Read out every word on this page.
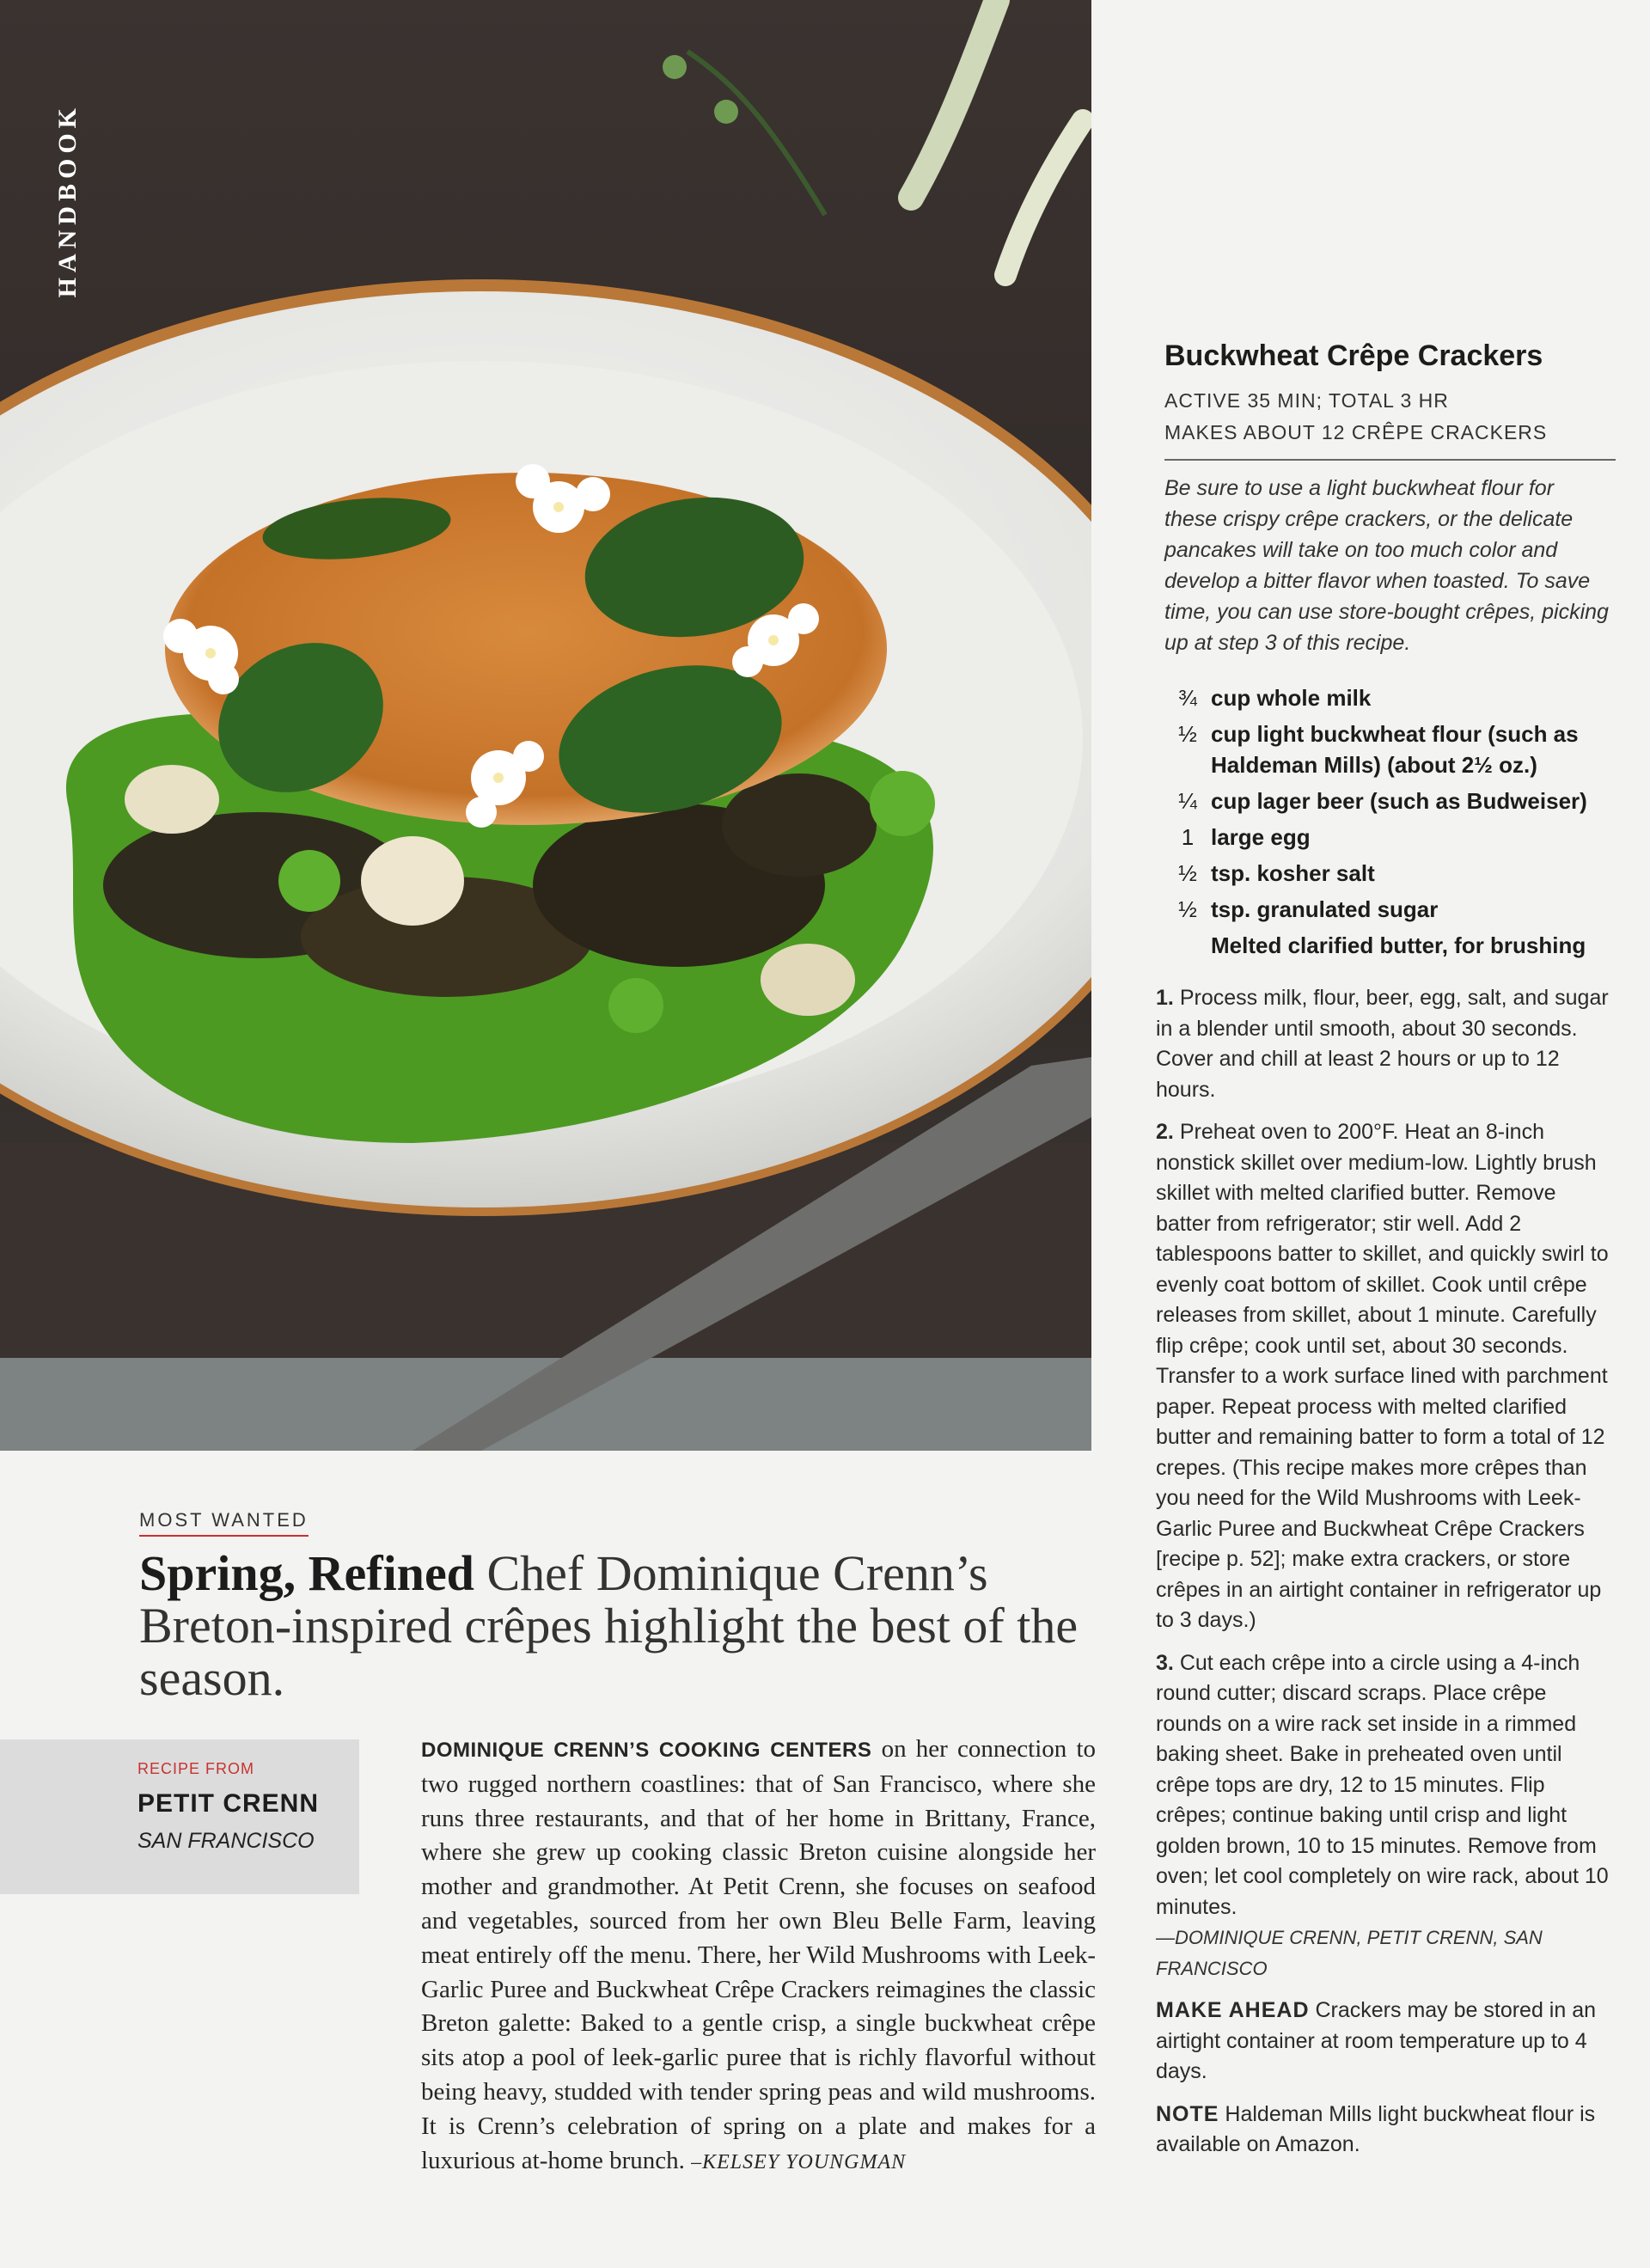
HANDBOOK
Buckwheat Crêpe Crackers
ACTIVE 35 MIN; TOTAL 3 HR
MAKES ABOUT 12 CRÊPE CRACKERS
Be sure to use a light buckwheat flour for these crispy crêpe crackers, or the delicate pancakes will take on too much color and develop a bitter flavor when toasted. To save time, you can use store-bought crêpes, picking up at step 3 of this recipe.
¾ cup whole milk
½ cup light buckwheat flour (such as Haldeman Mills) (about 2½ oz.)
¼ cup lager beer (such as Budweiser)
1 large egg
½ tsp. kosher salt
½ tsp. granulated sugar
Melted clarified butter, for brushing
1. Process milk, flour, beer, egg, salt, and sugar in a blender until smooth, about 30 seconds. Cover and chill at least 2 hours or up to 12 hours.
2. Preheat oven to 200°F. Heat an 8-inch nonstick skillet over medium-low. Lightly brush skillet with melted clarified butter. Remove batter from refrigerator; stir well. Add 2 tablespoons batter to skillet, and quickly swirl to evenly coat bottom of skillet. Cook until crêpe releases from skillet, about 1 minute. Carefully flip crêpe; cook until set, about 30 seconds. Transfer to a work surface lined with parchment paper. Repeat process with melted clarified butter and remaining batter to form a total of 12 crepes. (This recipe makes more crêpes than you need for the Wild Mushrooms with Leek-Garlic Puree and Buckwheat Crêpe Crackers [recipe p. 52]; make extra crackers, or store crêpes in an airtight container in refrigerator up to 3 days.)
3. Cut each crêpe into a circle using a 4-inch round cutter; discard scraps. Place crêpe rounds on a wire rack set inside in a rimmed baking sheet. Bake in preheated oven until crêpe tops are dry, 12 to 15 minutes. Flip crêpes; continue baking until crisp and light golden brown, 10 to 15 minutes. Remove from oven; let cool completely on wire rack, about 10 minutes.
—DOMINIQUE CRENN, PETIT CRENN, SAN FRANCISCO
MAKE AHEAD Crackers may be stored in an airtight container at room temperature up to 4 days.
NOTE Haldeman Mills light buckwheat flour is available on Amazon.
MOST WANTED
Spring, Refined Chef Dominique Crenn’s Breton-inspired crêpes highlight the best of the season.
RECIPE FROM
PETIT CRENN
SAN FRANCISCO
DOMINIQUE CRENN’S COOKING CENTERS on her connection to two rugged northern coastlines: that of San Francisco, where she runs three restaurants, and that of her home in Brittany, France, where she grew up cooking classic Breton cuisine alongside her mother and grandmother. At Petit Crenn, she focuses on seafood and vegetables, sourced from her own Bleu Belle Farm, leaving meat entirely off the menu. There, her Wild Mushrooms with Leek-Garlic Puree and Buckwheat Crêpe Crackers reimagines the classic Breton galette: Baked to a gentle crisp, a single buckwheat crêpe sits atop a pool of leek-garlic puree that is richly flavorful without being heavy, studded with tender spring peas and wild mushrooms. It is Crenn’s celebration of spring on a plate and makes for a luxurious at-home brunch. –KELSEY YOUNGMAN
